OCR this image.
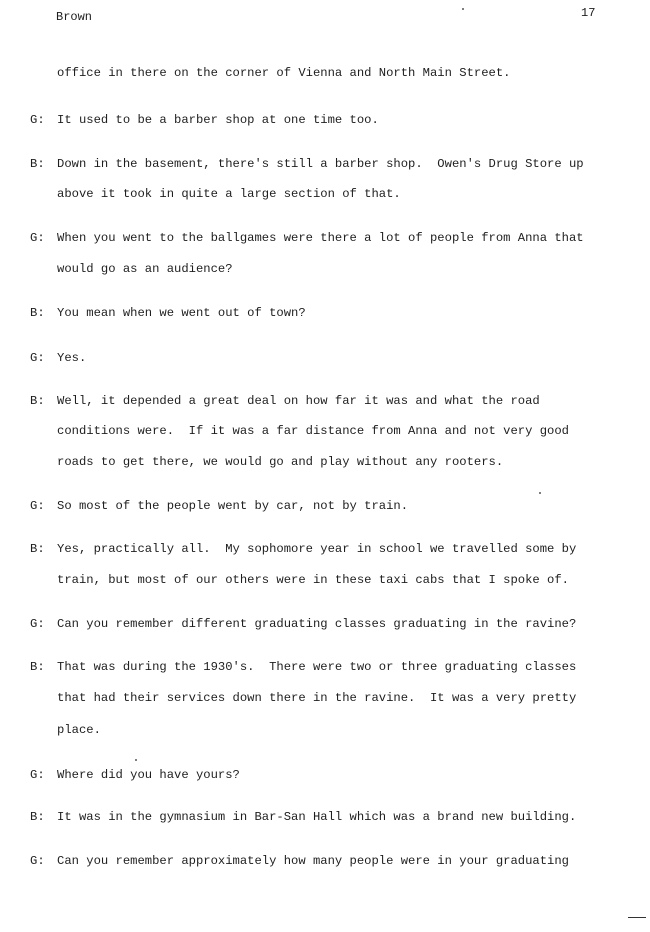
Brown	17
office in there on the corner of Vienna and North Main Street.
G: It used to be a barber shop at one time too.
B: Down in the basement, there's still a barber shop.  Owen's Drug Store up
above it took in quite a large section of that.
G: When you went to the ballgames were there a lot of people from Anna that
would go as an audience?
B: You mean when we went out of town?
G: Yes.
B: Well, it depended a great deal on how far it was and what the road
conditions were.  If it was a far distance from Anna and not very good
roads to get there, we would go and play without any rooters.
G: So most of the people went by car, not by train.
B: Yes, practically all.  My sophomore year in school we travelled some by
train, but most of our others were in these taxi cabs that I spoke of.
G: Can you remember different graduating classes graduating in the ravine?
B: That was during the 1930's.  There were two or three graduating classes
that had their services down there in the ravine.  It was a very pretty
place.
G: Where did you have yours?
B: It was in the gymnasium in Bar-San Hall which was a brand new building.
G: Can you remember approximately how many people were in your graduating
